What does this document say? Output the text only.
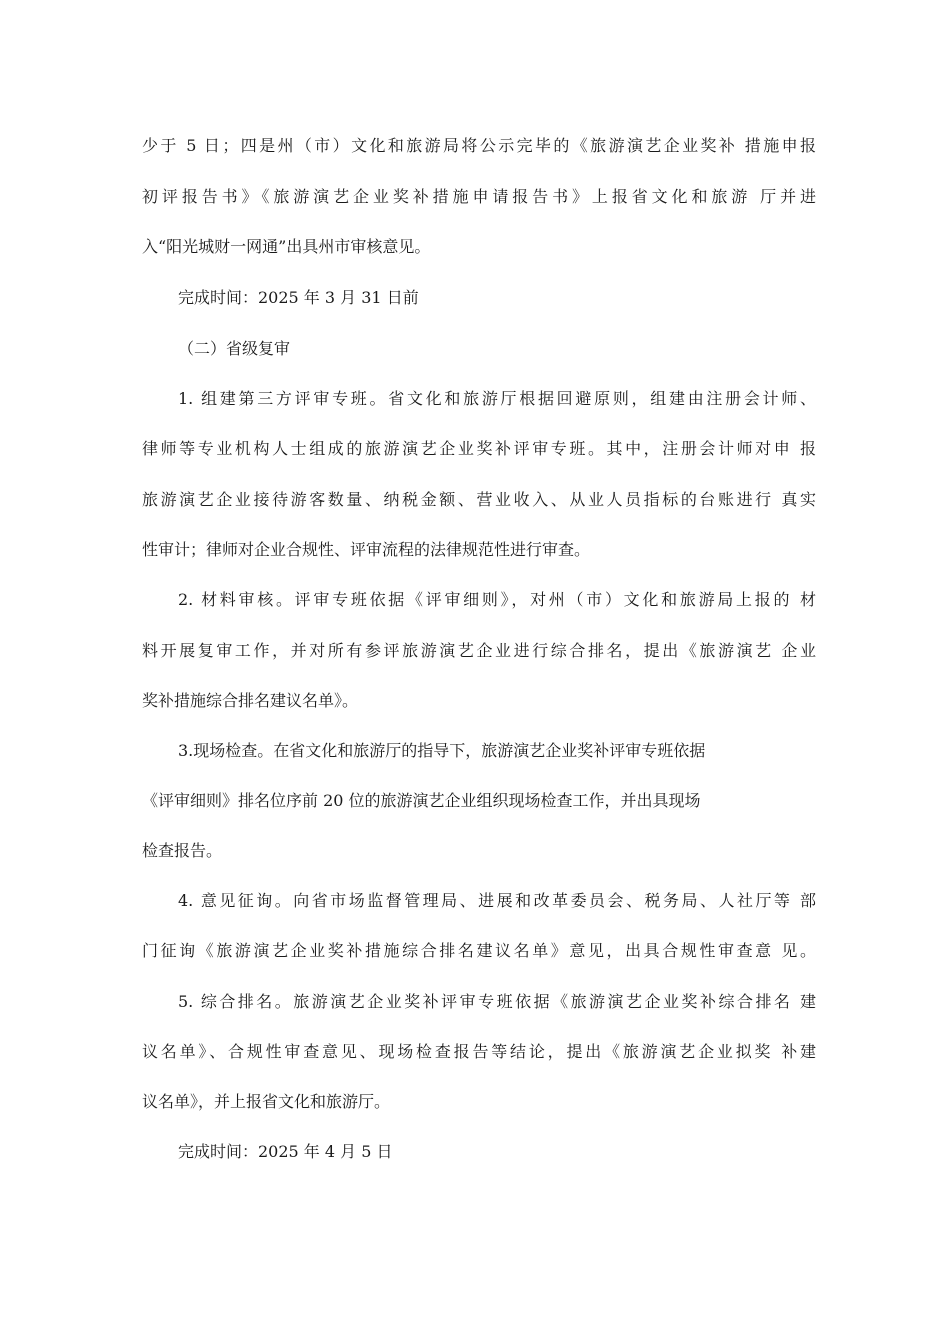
少于 5 日；四是州（市）文化和旅游局将公示完毕的《旅游演艺企业奖补 措施申报
初评报告书》《旅游演艺企业奖补措施申请报告书》上报省文化和旅游 厅并进
入“阳光城财一网通”出具州市审核意见。
完成时间：2025 年 3 月 31 日前
（二）省级复审
1. 组建第三方评审专班。省文化和旅游厅根据回避原则，组建由注册会计师、
律师等专业机构人士组成的旅游演艺企业奖补评审专班。其中，注册会计师对申 报
旅游演艺企业接待游客数量、纳税金额、营业收入、从业人员指标的台账进行 真实
性审计；律师对企业合规性、评审流程的法律规范性进行审查。
2. 材料审核。评审专班依据《评审细则》，对州（市）文化和旅游局上报的 材
料开展复审工作，并对所有参评旅游演艺企业进行综合排名，提出《旅游演艺 企业
奖补措施综合排名建议名单》。
3.现场检查。在省文化和旅游厅的指导下，旅游演艺企业奖补评审专班依据
《评审细则》排名位序前 20 位的旅游演艺企业组织现场检查工作，并出具现场
检查报告。
4. 意见征询。向省市场监督管理局、进展和改革委员会、税务局、人社厅等 部
门征询《旅游演艺企业奖补措施综合排名建议名单》意见，出具合规性审查意 见。
5. 综合排名。旅游演艺企业奖补评审专班依据《旅游演艺企业奖补综合排名 建
议名单》、合规性审查意见、现场检查报告等结论，提出《旅游演艺企业拟奖 补建
议名单》，并上报省文化和旅游厅。
完成时间：2025 年 4 月 5 日
